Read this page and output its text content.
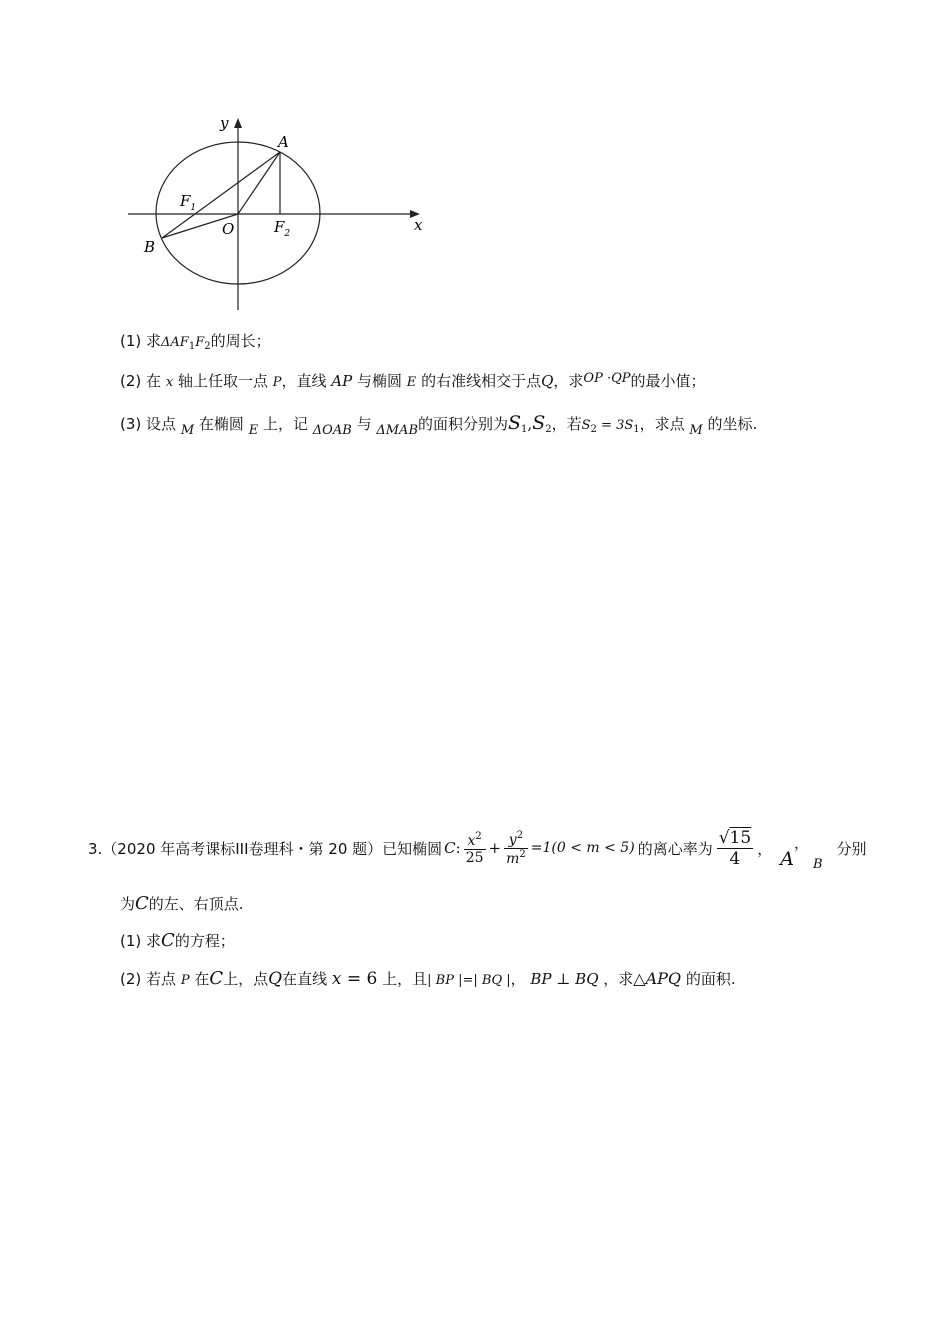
y
x
A
B
O
$F_1$
$F_2$
(1) 求$\Delta AF_1F_2$的周长；
(2) 在 x 轴上任取一点 P，直线 AP 与椭圆 E 的右准线相交于点Q，求OP ·QP的最小值；
(3) 设点 M 在椭圆 E 上，记 ΔOAB 与 ΔMAB的面积分别为$S_1,S_2$，若$S_2 = 3S_1$，求点 M 的坐标.
3.（2020 年高考课标III卷理科・第 20 题）已知椭圆 C : $\frac{x^2}{25} + \frac{y^2}{m^2} =1(0 < m < 5)$ 的离心率为 $\frac{√15}{4}$ ， A
，
B
分别
为C的左、右顶点.
(1) 求C的方程；
(2) 若点 P 在C上，点Q在直线 x = 6 上，且| BP |=| BQ |， BP ⊥ BQ ，求△APQ 的面积.
